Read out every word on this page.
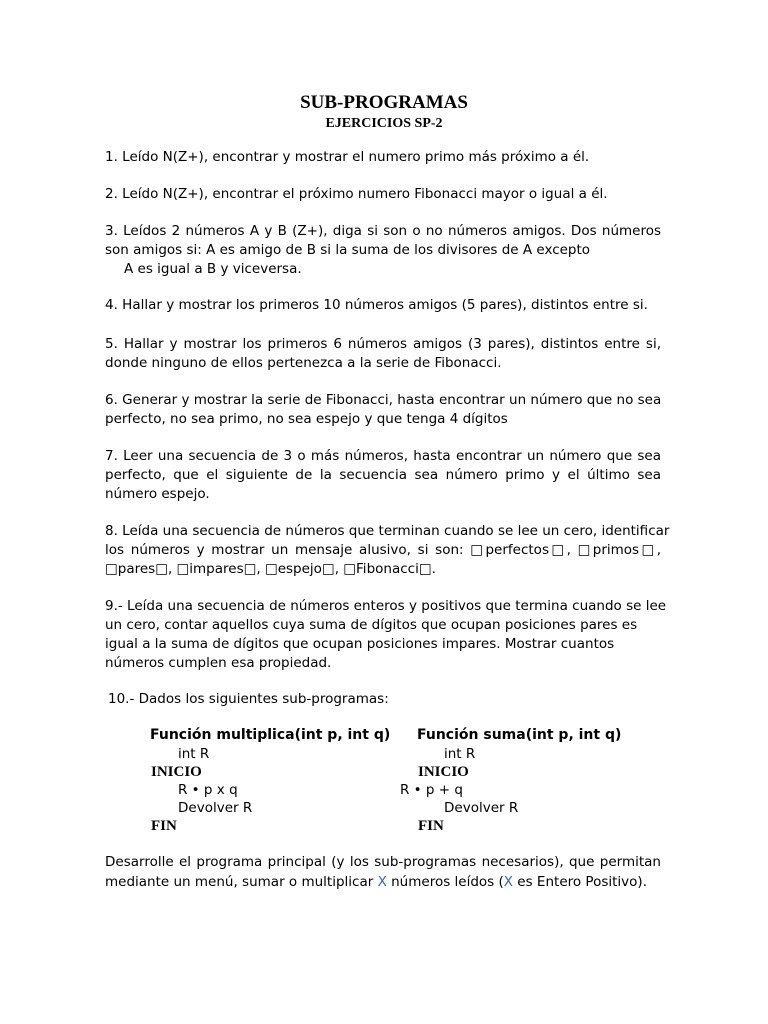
SUB-PROGRAMAS
EJERCICIOS SP-2

1. Leído N(Z+), encontrar y mostrar el numero primo más próximo a él.

2. Leído N(Z+), encontrar el próximo numero Fibonacci mayor o igual a él.

3. Leídos 2 números A y B (Z+), diga si son o no números amigos. Dos números
son amigos si: A es amigo de B si la suma de los divisores de A excepto
A es igual a B y viceversa.

4. Hallar y mostrar los primeros 10 números amigos (5 pares), distintos entre si.

5. Hallar y mostrar los primeros 6 números amigos (3 pares), distintos entre si,
donde ninguno de ellos pertenezca a la serie de Fibonacci.

6. Generar y mostrar la serie de Fibonacci, hasta encontrar un número que no sea
perfecto, no sea primo, no sea espejo y que tenga 4 dígitos

7. Leer una secuencia de 3 o más números, hasta encontrar un número que sea
perfecto, que el siguiente de la secuencia sea número primo y el último sea
número espejo.

8. Leída una secuencia de números que terminan cuando se lee un cero, identificar
los números y mostrar un mensaje alusivo, si son: □perfectos□, □primos□,
□pares□, □impares□, □espejo□, □Fibonacci□.

9.- Leída una secuencia de números enteros y positivos que termina cuando se lee
un cero, contar aquellos cuya suma de dígitos que ocupan posiciones pares es
igual a la suma de dígitos que ocupan posiciones impares. Mostrar cuantos
números cumplen esa propiedad.

10.- Dados los siguientes sub-programas:

Función multiplica(int p, int q)
int R
INICIO
R • p x q
Devolver R
FIN
Función suma(int p, int q)
int R
INICIO
R • p + q
Devolver R
FIN

Desarrolle el programa principal (y los sub-programas necesarios), que permitan
mediante un menú, sumar o multiplicar X números leídos (X es Entero Positivo).
